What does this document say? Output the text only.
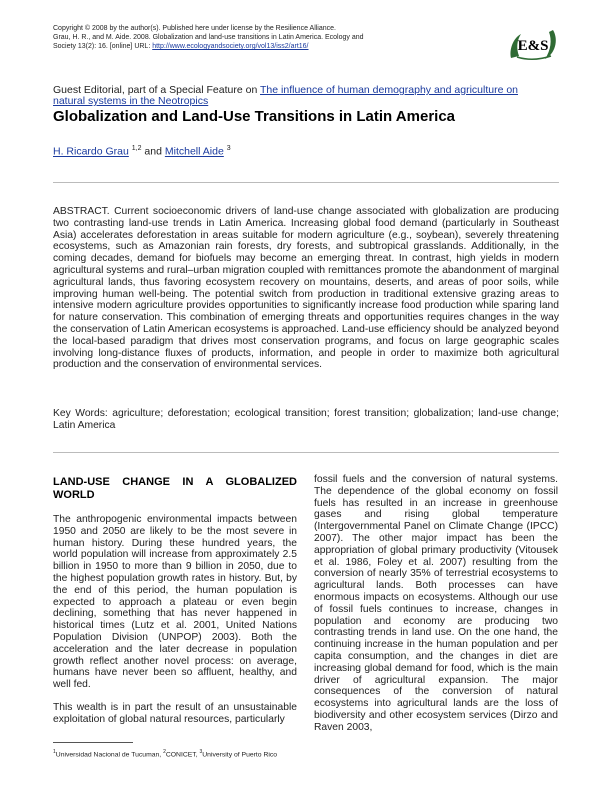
Copyright © 2008 by the author(s). Published here under license by the Resilience Alliance.
Grau, H. R., and M. Aide. 2008. Globalization and land-use transitions in Latin America. Ecology and
Society 13(2): 16. [online] URL: http://www.ecologyandsociety.org/vol13/iss2/art16/	E&S
Guest Editorial, part of a Special Feature on The influence of human demography and agriculture on natural systems in the Neotropics
Globalization and Land-Use Transitions in Latin America
H. Ricardo Grau $^{1,2}$ and Mitchell Aide $^3$

ABSTRACT. Current socioeconomic drivers of land-use change associated with globalization are producing two contrasting land-use trends in Latin America. Increasing global food demand (particularly in Southeast Asia) accelerates deforestation in areas suitable for modern agriculture (e.g., soybean), severely threatening ecosystems, such as Amazonian rain forests, dry forests, and subtropical grasslands. Additionally, in the coming decades, demand for biofuels may become an emerging threat. In contrast, high yields in modern agricultural systems and rural–urban migration coupled with remittances promote the abandonment of marginal agricultural lands, thus favoring ecosystem recovery on mountains, deserts, and areas of poor soils, while improving human well-being. The potential switch from production in traditional extensive grazing areas to intensive modern agriculture provides opportunities to significantly increase food production while sparing land for nature conservation. This combination of emerging threats and opportunities requires changes in the way the conservation of Latin American ecosystems is approached. Land-use efficiency should be analyzed beyond the local-based paradigm that drives most conservation programs, and focus on large geographic scales involving long-distance fluxes of products, information, and people in order to maximize both agricultural production and the conservation of environmental services.

Key Words: agriculture; deforestation; ecological transition; forest transition; globalization; land-use change; Latin America

LAND-USE CHANGE IN A GLOBALIZED WORLD

The anthropogenic environmental impacts between 1950 and 2050 are likely to be the most severe in human history. During these hundred years, the world population will increase from approximately 2.5 billion in 1950 to more than 9 billion in 2050, due to the highest population growth rates in history. But, by the end of this period, the human population is expected to approach a plateau or even begin declining, something that has never happened in historical times (Lutz et al. 2001, United Nations Population Division (UNPOP) 2003). Both the acceleration and the later decrease in population growth reflect another novel process: on average, humans have never been so affluent, healthy, and well fed.

This wealth is in part the result of an unsustainable exploitation of global natural resources, particularly

fossil fuels and the conversion of natural systems. The dependence of the global economy on fossil fuels has resulted in an increase in greenhouse gases and rising global temperature (Intergovernmental Panel on Climate Change (IPCC) 2007). The other major impact has been the appropriation of global primary productivity (Vitousek et al. 1986, Foley et al. 2007) resulting from the conversion of nearly 35% of terrestrial ecosystems to agricultural lands. Both processes can have enormous impacts on ecosystems. Although our use of fossil fuels continues to increase, changes in population and economy are producing two contrasting trends in land use. On the one hand, the continuing increase in the human population and per capita consumption, and the changes in diet are increasing global demand for food, which is the main driver of agricultural expansion. The major consequences of the conversion of natural ecosystems into agricultural lands are the loss of biodiversity and other ecosystem services (Dirzo and Raven 2003,

$^1$Universidad Nacional de Tucuman, $^2$CONICET, $^3$University of Puerto Rico
